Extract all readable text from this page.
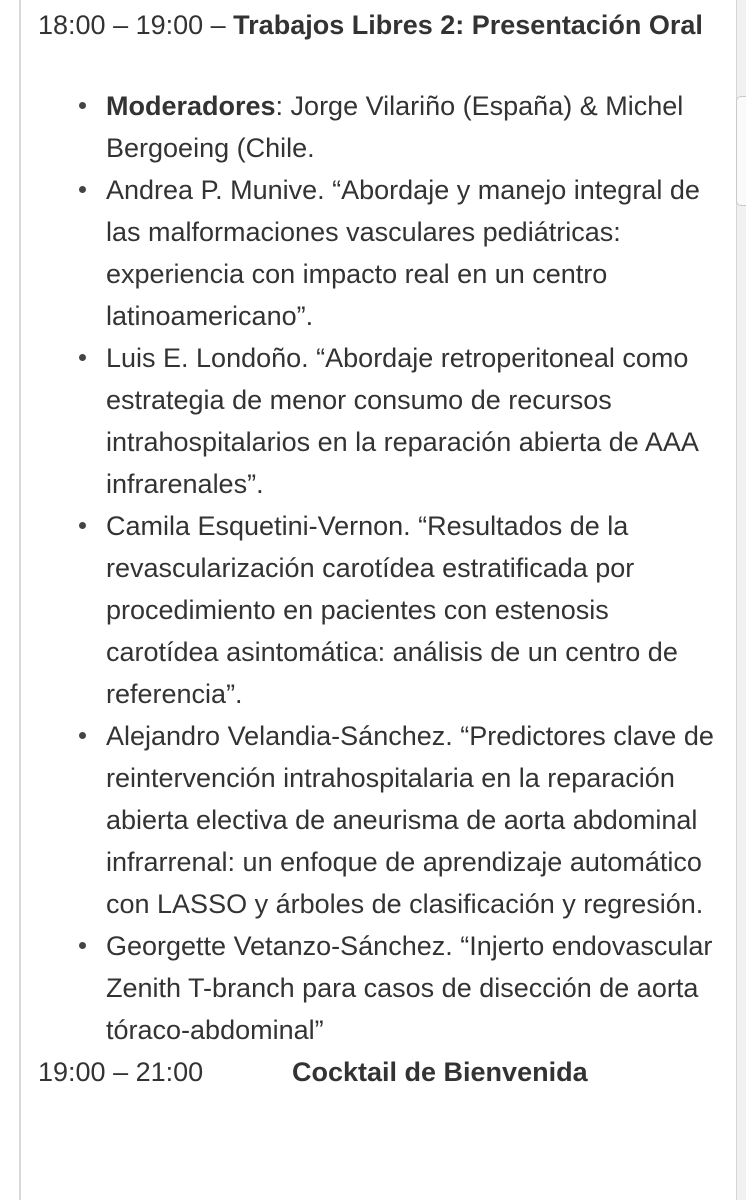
18:00 – 19:00 – Trabajos Libres 2: Presentación Oral
Moderadores: Jorge Vilariño (España) & Michel Bergoeing (Chile.
Andrea P. Munive. “Abordaje y manejo integral de las malformaciones vasculares pediátricas: experiencia con impacto real en un centro latinoamericano”.
Luis E. Londoño. “Abordaje retroperitoneal como estrategia de menor consumo de recursos intrahospitalarios en la reparación abierta de AAA infrarenales”.
Camila Esquetini-Vernon. “Resultados de la revascularización carotídea estratificada por procedimiento en pacientes con estenosis carotídea asintomática: análisis de un centro de referencia”.
Alejandro Velandia-Sánchez. “Predictores clave de reintervención intrahospitalaria en la reparación abierta electiva de aneurisma de aorta abdominal infrarrenal: un enfoque de aprendizaje automático con LASSO y árboles de clasificación y regresión.
Georgette Vetanzo-Sánchez. “Injerto endovascular Zenith T-branch para casos de disección de aorta tóraco-abdominal”
19:00 – 21:00	Cocktail de Bienvenida
